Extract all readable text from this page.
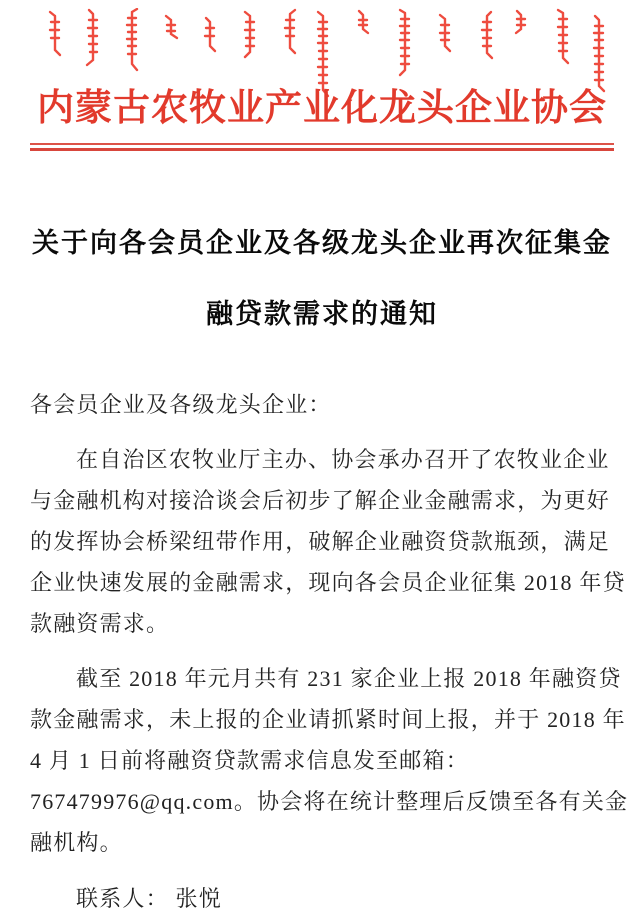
内蒙古农牧业产业化龙头企业协会
关于向各会员企业及各级龙头企业再次征集金
融贷款需求的通知
各会员企业及各级龙头企业：
在自治区农牧业厅主办、协会承办召开了农牧业企业
与金融机构对接洽谈会后初步了解企业金融需求，为更好
的发挥协会桥梁纽带作用，破解企业融资贷款瓶颈，满足
企业快速发展的金融需求，现向各会员企业征集 2018 年贷
款融资需求。
截至 2018 年元月共有 231 家企业上报 2018 年融资贷
款金融需求，未上报的企业请抓紧时间上报，并于 2018 年
4 月 1 日前将融资贷款需求信息发至邮箱：
767479976@qq.com。协会将在统计整理后反馈至各有关金
融机构。
联系人： 张悦
